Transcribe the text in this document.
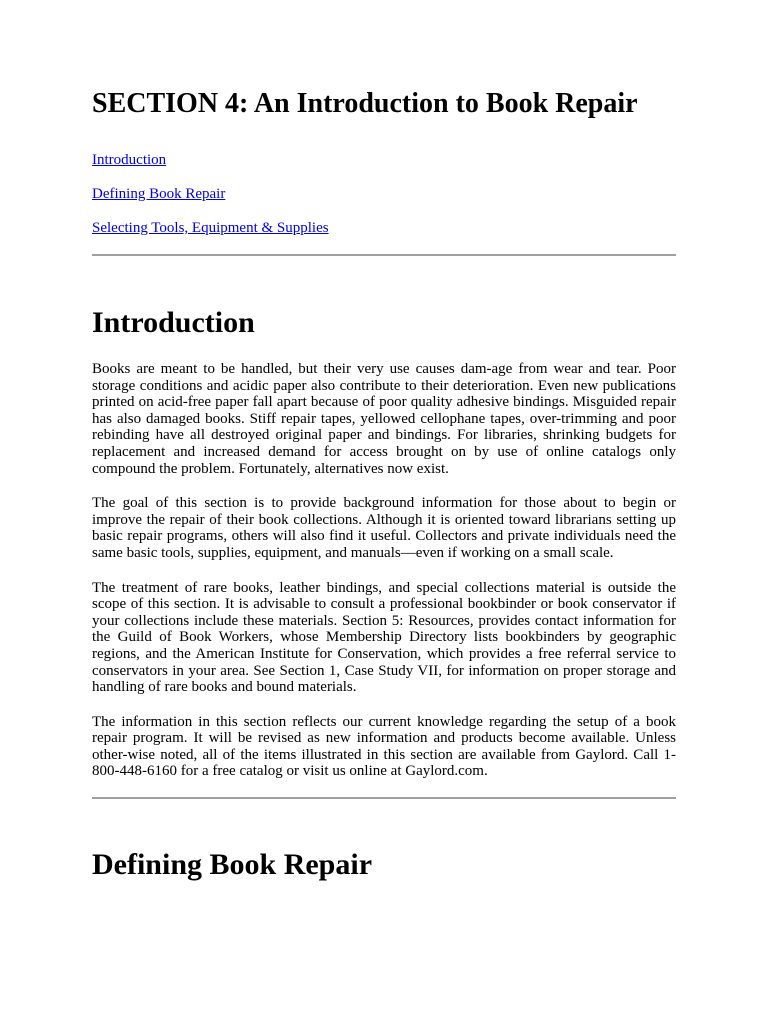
SECTION 4: An Introduction to Book Repair
Introduction
Defining Book Repair
Selecting Tools, Equipment & Supplies
Introduction

Books are meant to be handled, but their very use causes dam-age from wear and tear. Poor storage conditions and acidic paper also contribute to their deterioration. Even new publications printed on acid-free paper fall apart because of poor quality adhesive bindings. Misguided repair has also damaged books. Stiff repair tapes, yellowed cellophane tapes, over-trimming and poor rebinding have all destroyed original paper and bindings. For libraries, shrinking budgets for replacement and increased demand for access brought on by use of online catalogs only compound the problem. Fortunately, alternatives now exist.

The goal of this section is to provide background information for those about to begin or improve the repair of their book collections. Although it is oriented toward librarians setting up basic repair programs, others will also find it useful. Collectors and private individuals need the same basic tools, supplies, equipment, and manuals—even if working on a small scale.

The treatment of rare books, leather bindings, and special collections material is outside the scope of this section. It is advisable to consult a professional bookbinder or book conservator if your collections include these materials. Section 5: Resources, provides contact information for the Guild of Book Workers, whose Membership Directory lists bookbinders by geographic regions, and the American Institute for Conservation, which provides a free referral service to conservators in your area. See Section 1, Case Study VII, for information on proper storage and handling of rare books and bound materials.

The information in this section reflects our current knowledge regarding the setup of a book repair program. It will be revised as new information and products become available. Unless other-wise noted, all of the items illustrated in this section are available from Gaylord. Call 1-800-448-6160 for a free catalog or visit us online at Gaylord.com.

Defining Book Repair
